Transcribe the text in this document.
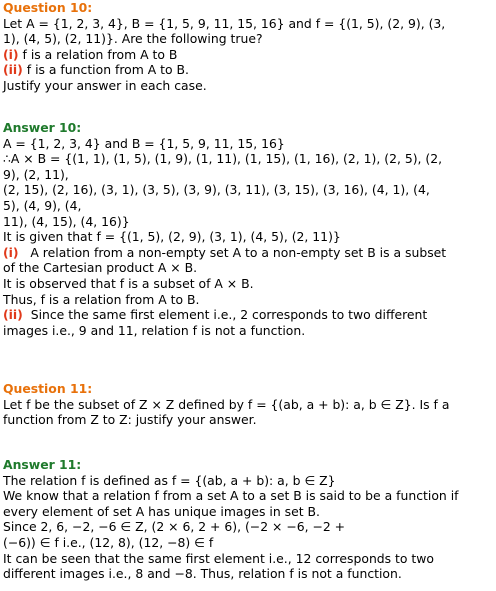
Question 10:
Let A = {1, 2, 3, 4}, B = {1, 5, 9, 11, 15, 16} and f = {(1, 5), (2, 9), (3,
1), (4, 5), (2, 11)}. Are the following true?
(i) f is a relation from A to B
(ii) f is a function from A to B.
Justify your answer in each case.
Answer 10:
A = {1, 2, 3, 4} and B = {1, 5, 9, 11, 15, 16}
∴A × B = {(1, 1), (1, 5), (1, 9), (1, 11), (1, 15), (1, 16), (2, 1), (2, 5), (2,
9), (2, 11),
(2, 15), (2, 16), (3, 1), (3, 5), (3, 9), (3, 11), (3, 15), (3, 16), (4, 1), (4,
5), (4, 9), (4,
11), (4, 15), (4, 16)}
It is given that f = {(1, 5), (2, 9), (3, 1), (4, 5), (2, 11)}
(i)   A relation from a non-empty set A to a non-empty set B is a subset
of the Cartesian product A × B.
It is observed that f is a subset of A × B.
Thus, f is a relation from A to B.
(ii)  Since the same first element i.e., 2 corresponds to two different
images i.e., 9 and 11, relation f is not a function.
Question 11:
Let f be the subset of Z × Z defined by f = {(ab, a + b): a, b ∈ Z}. Is f a
function from Z to Z: justify your answer.
Answer 11:
The relation f is defined as f = {(ab, a + b): a, b ∈ Z}
We know that a relation f from a set A to a set B is said to be a function if
every element of set A has unique images in set B.
Since 2, 6, −2, −6 ∈ Z, (2 × 6, 2 + 6), (−2 × −6, −2 +
(−6)) ∈ f i.e., (12, 8), (12, −8) ∈ f
It can be seen that the same first element i.e., 12 corresponds to two
different images i.e., 8 and −8. Thus, relation f is not a function.
